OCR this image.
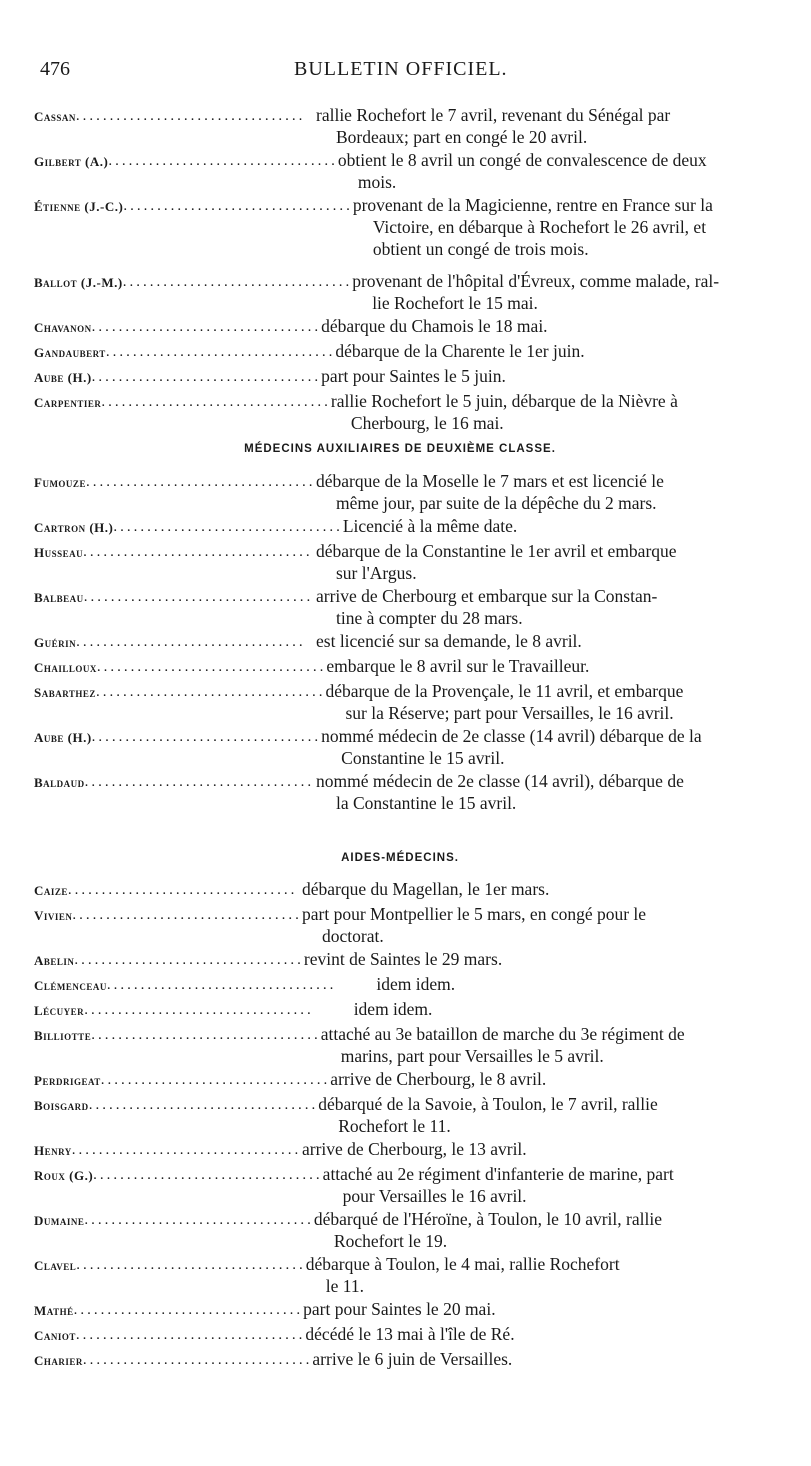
476	BULLETIN OFFICIEL.
Cassan .................................. rallie Rochefort le 7 avril, revenant du Sénégal par
Bordeaux; part en congé le 20 avril.
Gilbert (A.) .................................. obtient le 8 avril un congé de convalescence de deux
mois.
Étienne (J.-C.) .................................. provenant de la Magicienne, rentre en France sur la
Victoire, en débarque à Rochefort le 26 avril, et
obtient un congé de trois mois.
Ballot (J.-M.) .................................. provenant de l'hôpital d'Évreux, comme malade, ral-
lie Rochefort le 15 mai.
Chavanon .................................. débarque du Chamois le 18 mai.
Gandaubert .................................. débarque de la Charente le 1er juin.
Aube (H.) .................................. part pour Saintes le 5 juin.
Carpentier .................................. rallie Rochefort le 5 juin, débarque de la Nièvre à
Cherbourg, le 16 mai.
MÉDECINS AUXILIAIRES DE DEUXIÈME CLASSE.
Fumouze .................................. débarque de la Moselle le 7 mars et est licencié le
même jour, par suite de la dépêche du 2 mars.
Cartron (H.) .................................. Licencié à la même date.
Husseau .................................. débarque de la Constantine le 1er avril et embarque
sur l'Argus.
Balbeau .................................. arrive de Cherbourg et embarque sur la Constan-
tine à compter du 28 mars.
Guérin .................................. est licencié sur sa demande, le 8 avril.
Chailloux .................................. embarque le 8 avril sur le Travailleur.
Sabarthez .................................. débarque de la Provençale, le 11 avril, et embarque
sur la Réserve; part pour Versailles, le 16 avril.
Aube (H.) .................................. nommé médecin de 2e classe (14 avril) débarque de la
Constantine le 15 avril.
Baldaud .................................. nommé médecin de 2e classe (14 avril), débarque de
la Constantine le 15 avril.
AIDES-MÉDECINS.
Caize .................................. débarque du Magellan, le 1er mars.
Vivien .................................. part pour Montpellier le 5 mars, en congé pour le
doctorat.
Abelin .................................. revint de Saintes le 29 mars.
Clémenceau ..................................	idem idem.
Lécuyer ..................................	idem idem.
Billiotte .................................. attaché au 3e bataillon de marche du 3e régiment de
marins, part pour Versailles le 5 avril.
Perdrigeat .................................. arrive de Cherbourg, le 8 avril.
Boisgard .................................. débarqué de la Savoie, à Toulon, le 7 avril, rallie
Rochefort le 11.
Henry .................................. arrive de Cherbourg, le 13 avril.
Roux (G.) .................................. attaché au 2e régiment d'infanterie de marine, part
pour Versailles le 16 avril.
Dumaine .................................. débarqué de l'Héroïne, à Toulon, le 10 avril, rallie
Rochefort le 19.
Clavel .................................. débarque à Toulon, le 4 mai, rallie Rochefort
le 11.
Mathé .................................. part pour Saintes le 20 mai.
Caniot .................................. décédé le 13 mai à l'île de Ré.
Charier .................................. arrive le 6 juin de Versailles.
